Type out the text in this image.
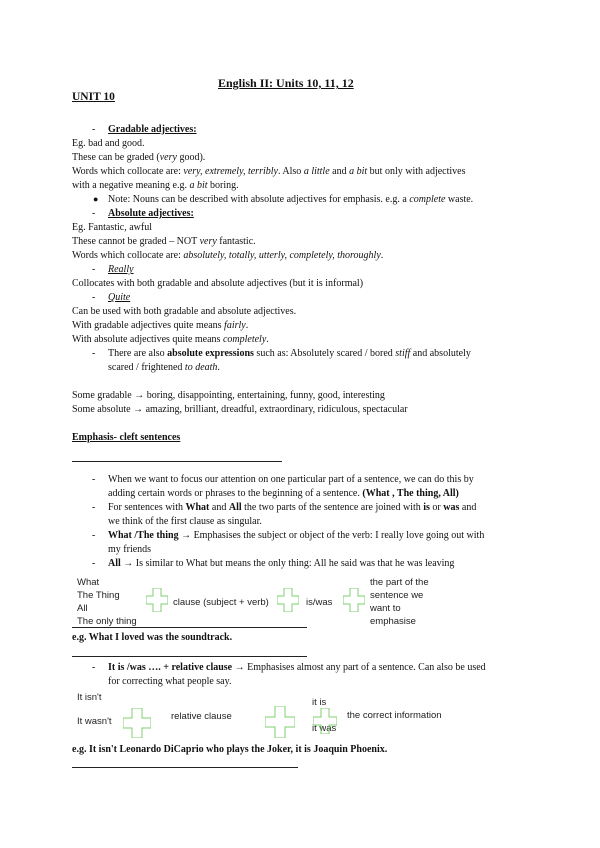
English II: Units 10, 11, 12
UNIT 10
- Gradable adjectives:
Eg. bad and good.
These can be graded (very good).
Words which collocate are: very, extremely, terribly. Also a little and a bit but only with adjectives
with a negative meaning e.g. a bit boring.
● Note: Nouns can be described with absolute adjectives for emphasis. e.g. a complete waste.
- Absolute adjectives:
Eg. Fantastic, awful
These cannot be graded – NOT very fantastic.
Words which collocate are: absolutely, totally, utterly, completely, thoroughly.
- Really
Collocates with both gradable and absolute adjectives (but it is informal)
- Quite
Can be used with both gradable and absolute adjectives.
With gradable adjectives quite means fairly.
With absolute adjectives quite means completely.
- There are also absolute expressions such as: Absolutely scared / bored stiff and absolutely
scared / frightened to death.
Some gradable → boring, disappointing, entertaining, funny, good, interesting
Some absolute → amazing, brilliant, dreadful, extraordinary, ridiculous, spectacular
Emphasis- cleft sentences
- When we want to focus our attention on one particular part of a sentence, we can do this by
adding certain words or phrases to the beginning of a sentence. (What , The thing, All)
- For sentences with What and All the two parts of the sentence are joined with is or was and
we think of the first clause as singular.
- What /The thing → Emphasises the subject or object of the verb: I really love going out with
my friends
- All → Is similar to What but means the only thing: All he said was that he was leaving
What
The Thing
All
The only thing
clause (subject + verb)	is/was
the part of the
sentence we
want to
emphasise
e.g. What I loved was the soundtrack.
- It is /was …. + relative clause → Emphasises almost any part of a sentence. Can also be used
for correcting what people say.
It isn't
It wasn't	relative clause
it is
it was
the correct information
e.g. It isn't Leonardo DiCaprio who plays the Joker, it is Joaquin Phoenix.
